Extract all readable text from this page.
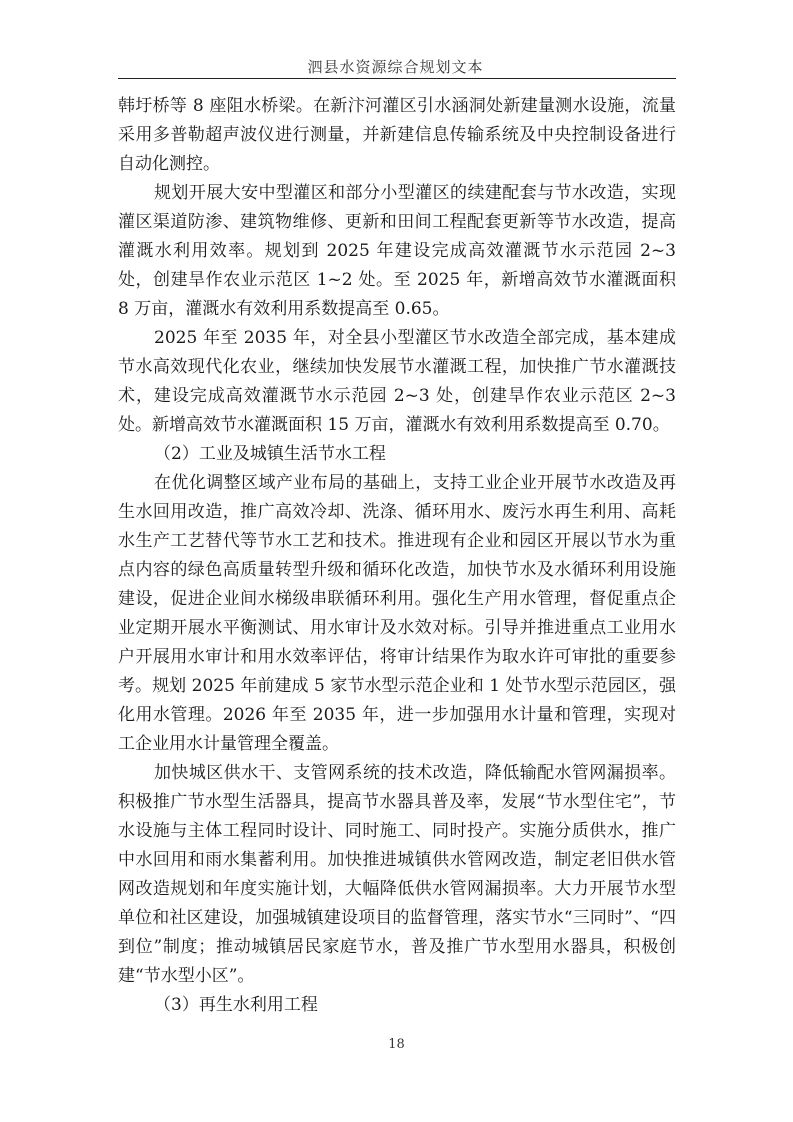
泗县水资源综合规划文本

韩圩桥等 8 座阻水桥梁。在新汴河灌区引水涵洞处新建量测水设施，流量采用多普勒超声波仪进行测量，并新建信息传输系统及中央控制设备进行自动化测控。

规划开展大安中型灌区和部分小型灌区的续建配套与节水改造，实现灌区渠道防渗、建筑物维修、更新和田间工程配套更新等节水改造，提高灌溉水利用效率。规划到 2025 年建设完成高效灌溉节水示范园 2~3 处，创建旱作农业示范区 1~2 处。至 2025 年，新增高效节水灌溉面积 8 万亩，灌溉水有效利用系数提高至 0.65。

2025 年至 2035 年，对全县小型灌区节水改造全部完成，基本建成节水高效现代化农业，继续加快发展节水灌溉工程，加快推广节水灌溉技术，建设完成高效灌溉节水示范园 2~3 处，创建旱作农业示范区 2~3 处。新增高效节水灌溉面积 15 万亩，灌溉水有效利用系数提高至 0.70。

（2）工业及城镇生活节水工程

在优化调整区域产业布局的基础上，支持工业企业开展节水改造及再生水回用改造，推广高效冷却、洗涤、循环用水、废污水再生利用、高耗水生产工艺替代等节水工艺和技术。推进现有企业和园区开展以节水为重点内容的绿色高质量转型升级和循环化改造，加快节水及水循环利用设施建设，促进企业间水梯级串联循环利用。强化生产用水管理，督促重点企业定期开展水平衡测试、用水审计及水效对标。引导并推进重点工业用水户开展用水审计和用水效率评估，将审计结果作为取水许可审批的重要参考。规划 2025 年前建成 5 家节水型示范企业和 1 处节水型示范园区，强化用水管理。2026 年至 2035 年，进一步加强用水计量和管理，实现对工企业用水计量管理全覆盖。

加快城区供水干、支管网系统的技术改造，降低输配水管网漏损率。积极推广节水型生活器具，提高节水器具普及率，发展“节水型住宅”，节水设施与主体工程同时设计、同时施工、同时投产。实施分质供水，推广中水回用和雨水集蓄利用。加快推进城镇供水管网改造，制定老旧供水管网改造规划和年度实施计划，大幅降低供水管网漏损率。大力开展节水型单位和社区建设，加强城镇建设项目的监督管理，落实节水“三同时”、“四到位”制度；推动城镇居民家庭节水，普及推广节水型用水器具，积极创建“节水型小区”。

（3）再生水利用工程

18
